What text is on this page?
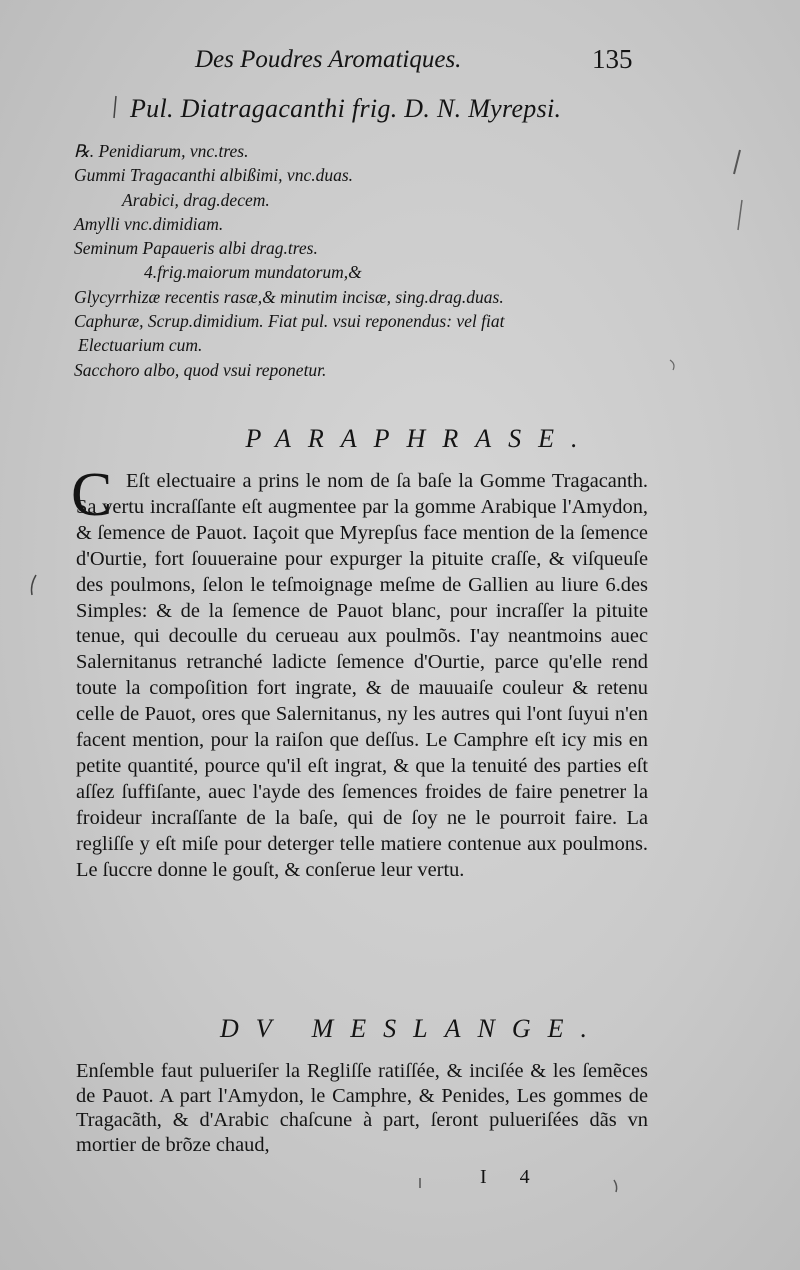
Des Poudres Aromatiques.	135
Pul. Diatragacanthi frig. D. N. Myrepsi.
℞. Penidiarum, vnc.tres.
Gummi Tragacanthi albißimi, vnc.duas.
Arabici, drag.decem.
Amylli vnc.dimidiam.
Seminum Papaueris albi drag.tres.
4.frig.maiorum mundatorum,&
Glycyrrhizæ recentis rasæ,& minutim incisæ, sing.drag.duas.
Caphuræ, Scrup.dimidium. Fiat pul. vsui reponendus: vel fiat
Electuarium cum.
Sacchoro albo, quod vsui reponetur.
PARAPHRASE.
C Eſt electuaire a prins le nom de ſa baſe la Gomme Tragacanth. Sa vertu incraſſante eſt augmentee par la gomme Arabique l'Amydon, & ſemence de Pauot. Iaçoit que Myrepſus face mention de la ſemence d'Ourtie, fort ſouueraine pour expurger la pituite craſſe, & viſqueuſe des poulmons, ſelon le teſmoignage meſme de Gallien au liure 6.des Simples: & de la ſemence de Pauot blanc, pour incraſſer la pituite tenue, qui decoulle du cerueau aux poulmõs. I'ay neantmoins auec Salernitanus retranché ladicte ſemence d'Ourtie, parce qu'elle rend toute la compoſition fort ingrate, & de mauuaiſe couleur & retenu celle de Pauot, ores que Salernitanus, ny les autres qui l'ont ſuyui n'en facent mention, pour la raiſon que deſſus. Le Camphre eſt icy mis en petite quantité, pource qu'il eſt ingrat, & que la tenuité des parties eſt aſſez ſuffiſante, auec l'ayde des ſemences froides de faire penetrer la froideur incraſſante de la baſe, qui de ſoy ne le pourroit faire. La regliſſe y eſt miſe pour deterger telle matiere contenue aux poulmons. Le ſuccre donne le gouſt, & conſerue leur vertu.

DV MESLANGE.

Enſemble faut pulueriſer la Regliſſe ratiſſée, & inciſée & les ſemẽces de Pauot. A part l'Amydon, le Camphre, & Penides, Les gommes de Tragacãth, & d'Arabic chaſcune à part, ſeront pulueriſées dãs vn mortier de brõze chaud,

I 4
